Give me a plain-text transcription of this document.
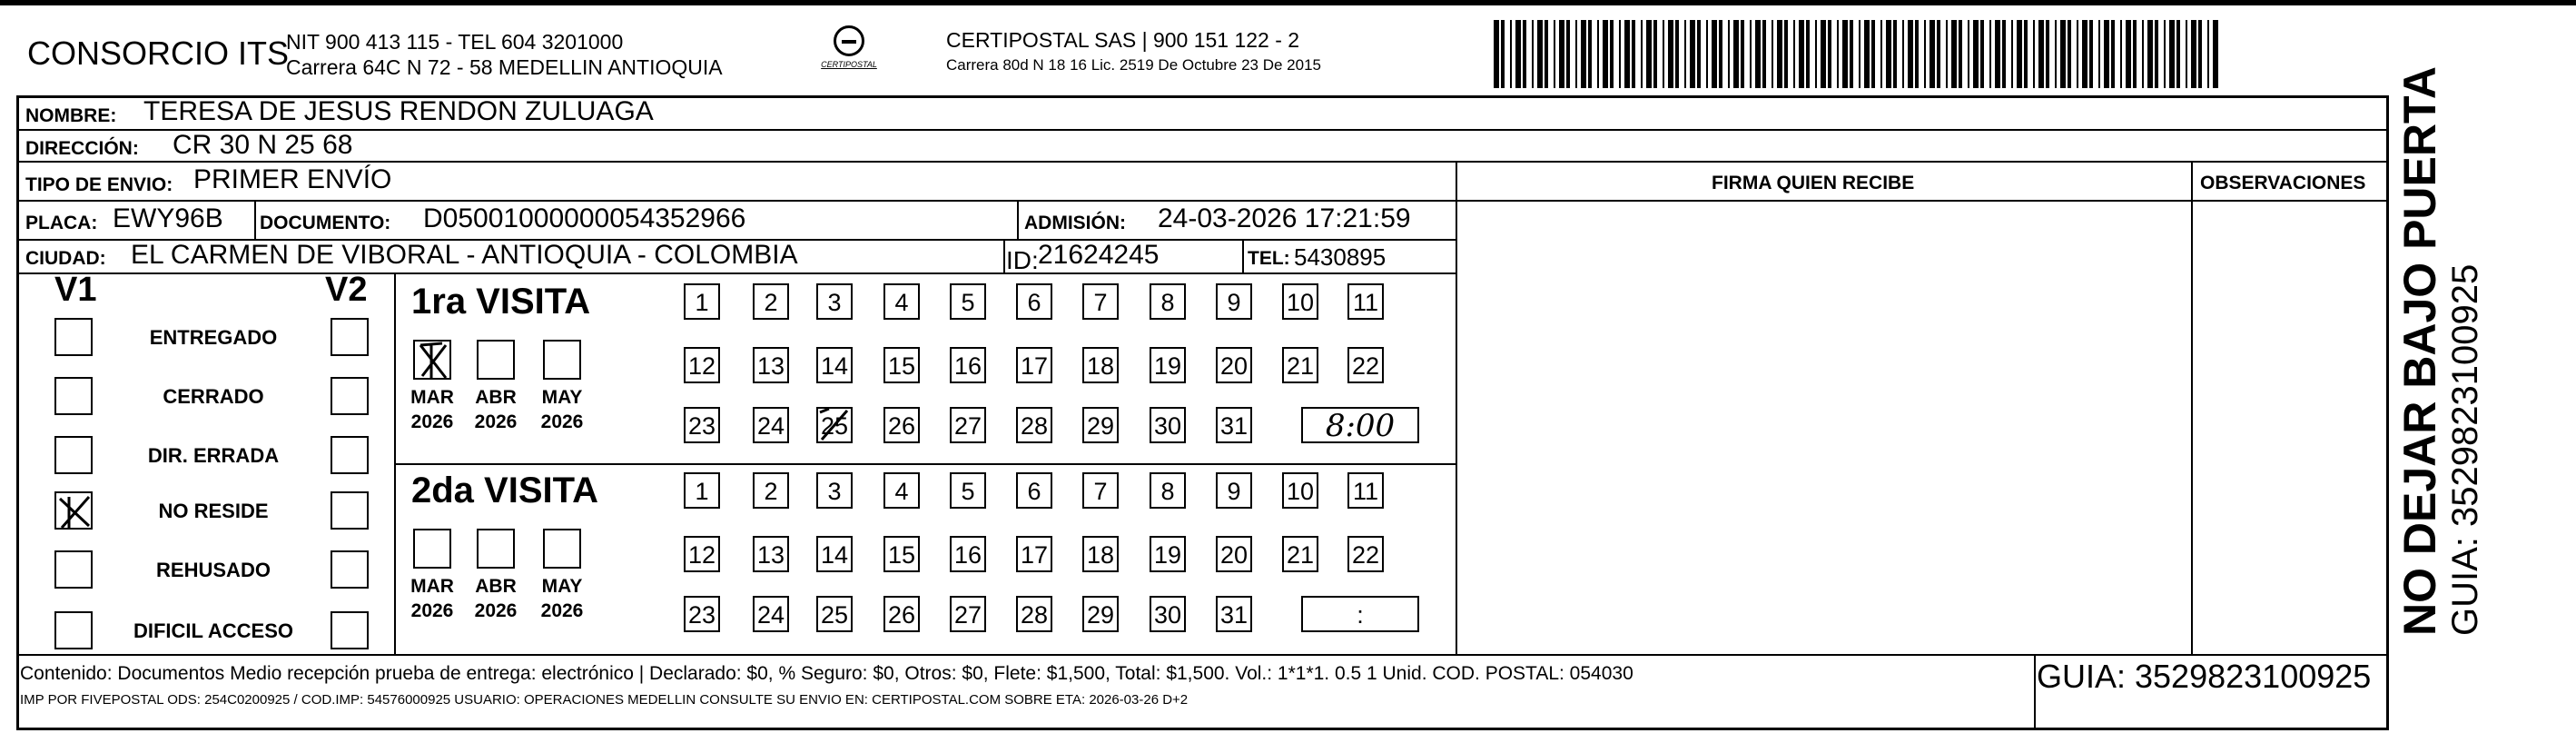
CONSORCIO ITS
NIT 900 413 115 - TEL 604 3201000
Carrera 64C N 72 - 58 MEDELLIN ANTIOQUIA	CERTIPOSTAL
CERTIPOSTAL SAS | 900 151 122 - 2
Carrera 80d N 18 16 Lic. 2519 De Octubre 23 De 2015
NOMBRE: TERESA DE JESUS RENDON ZULUAGA
DIRECCIÓN: CR 30 N 25 68
TIPO DE ENVIO: PRIMER ENVÍO
PLACA: EWY96B DOCUMENTO: D05001000000054352966	ADMISIÓN: 24-03-2026 17:21:59
CIUDAD: EL CARMEN DE VIBORAL - ANTIOQUIA - COLOMBIA	ID: 21624245	TEL: 5430895
FIRMA QUIEN RECIBE	OBSERVACIONES
V1	V2
ENTREGADO
CERRADO
DIR. ERRADA
NO RESIDE
REHUSADO
DIFICIL ACCESO
1ra VISITA
2da VISITA
MAR
2026
ABR
2026
MAY
2026
1	2	3	4	5	6	7	8	9	10 11
12 13 14 15 16 17 18 19 20 21 22
23 24 25 26 27 28 29 30 31	8:00
MAR
2026
ABR
2026
MAY
2026
1	2	3	4	5	6	7	8	9	10 11
12 13 14 15 16 17 18 19 20 21 22
23 24 25 26 27 28 29 30 31	:
Contenido: Documentos Medio recepción prueba de entrega: electrónico | Declarado: $0, % Seguro: $0, Otros: $0, Flete: $1,500, Total: $1,500. Vol.: 1*1*1. 0.5 1 Unid. COD. POSTAL: 054030
IMP POR FIVEPOSTAL ODS: 254C0200925 / COD.IMP: 54576000925 USUARIO: OPERACIONES MEDELLIN CONSULTE SU ENVIO EN: CERTIPOSTAL.COM SOBRE ETA: 2026-03-26 D+2
GUIA: 3529823100925
NO DEJAR BAJO PUERTA GUIA: 3529823100925
